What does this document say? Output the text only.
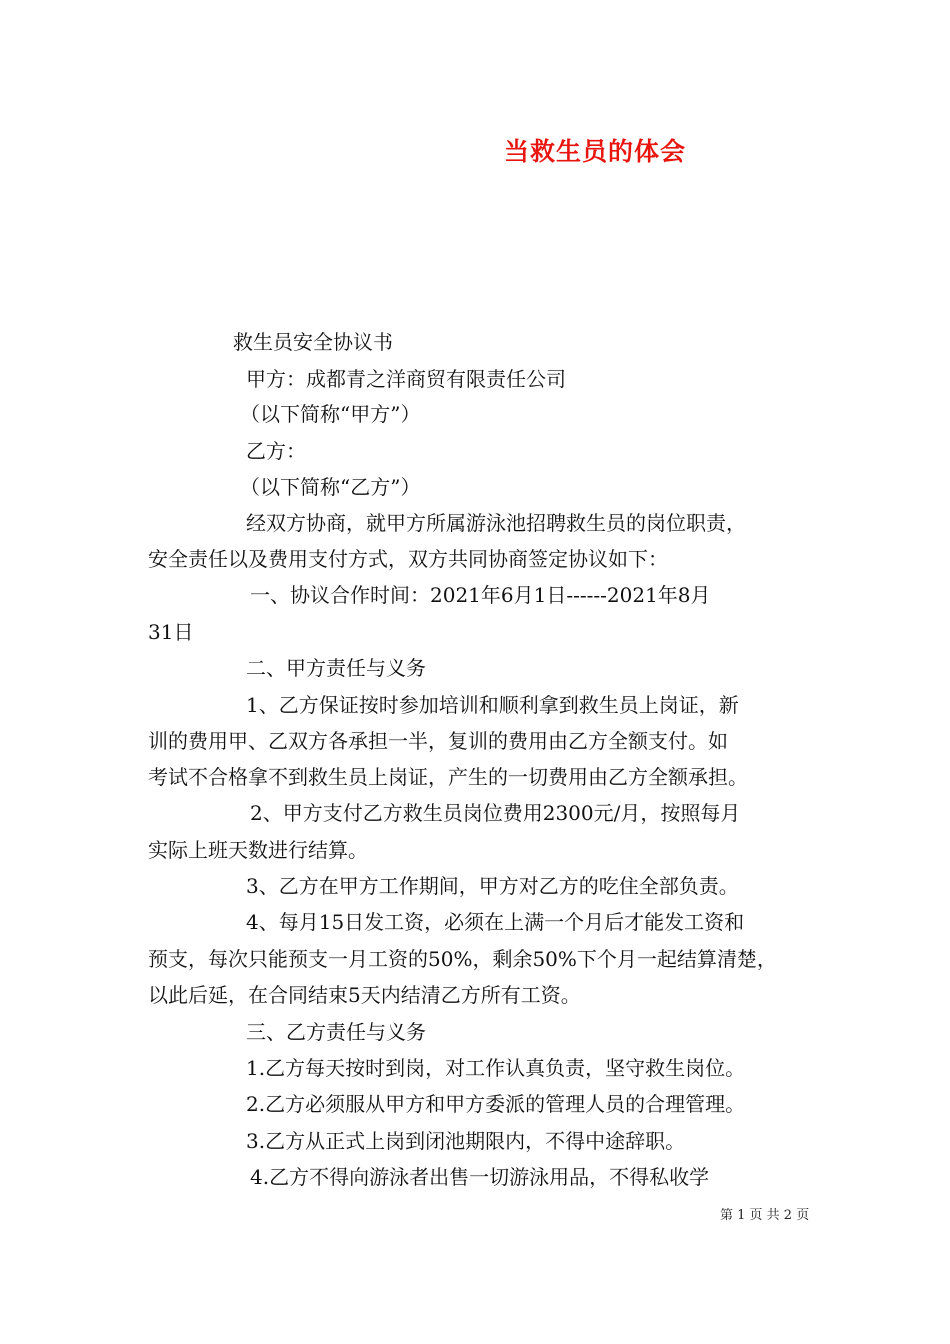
当救生员的体会
救生员安全协议书
甲方：成都青之洋商贸有限责任公司
（以下简称“甲方”）
乙方：
（以下简称“乙方”）
经双方协商，就甲方所属游泳池招聘救生员的岗位职责，
安全责任以及费用支付方式，双方共同协商签定协议如下：
一、协议合作时间：2021年6月1日------2021年8月
31日
二、甲方责任与义务
1、乙方保证按时参加培训和顺利拿到救生员上岗证，新
训的费用甲、乙双方各承担一半，复训的费用由乙方全额支付。如
考试不合格拿不到救生员上岗证，产生的一切费用由乙方全额承担。
2、甲方支付乙方救生员岗位费用2300元/月，按照每月
实际上班天数进行结算。
3、乙方在甲方工作期间，甲方对乙方的吃住全部负责。
4、每月15日发工资，必须在上满一个月后才能发工资和
预支，每次只能预支一月工资的50%，剩余50%下个月一起结算清楚，
以此后延，在合同结束5天内结清乙方所有工资。
三、乙方责任与义务
1.乙方每天按时到岗，对工作认真负责，坚守救生岗位。
2.乙方必须服从甲方和甲方委派的管理人员的合理管理。
3.乙方从正式上岗到闭池期限内，不得中途辞职。
4.乙方不得向游泳者出售一切游泳用品，不得私收学
第 1 页 共 2 页
